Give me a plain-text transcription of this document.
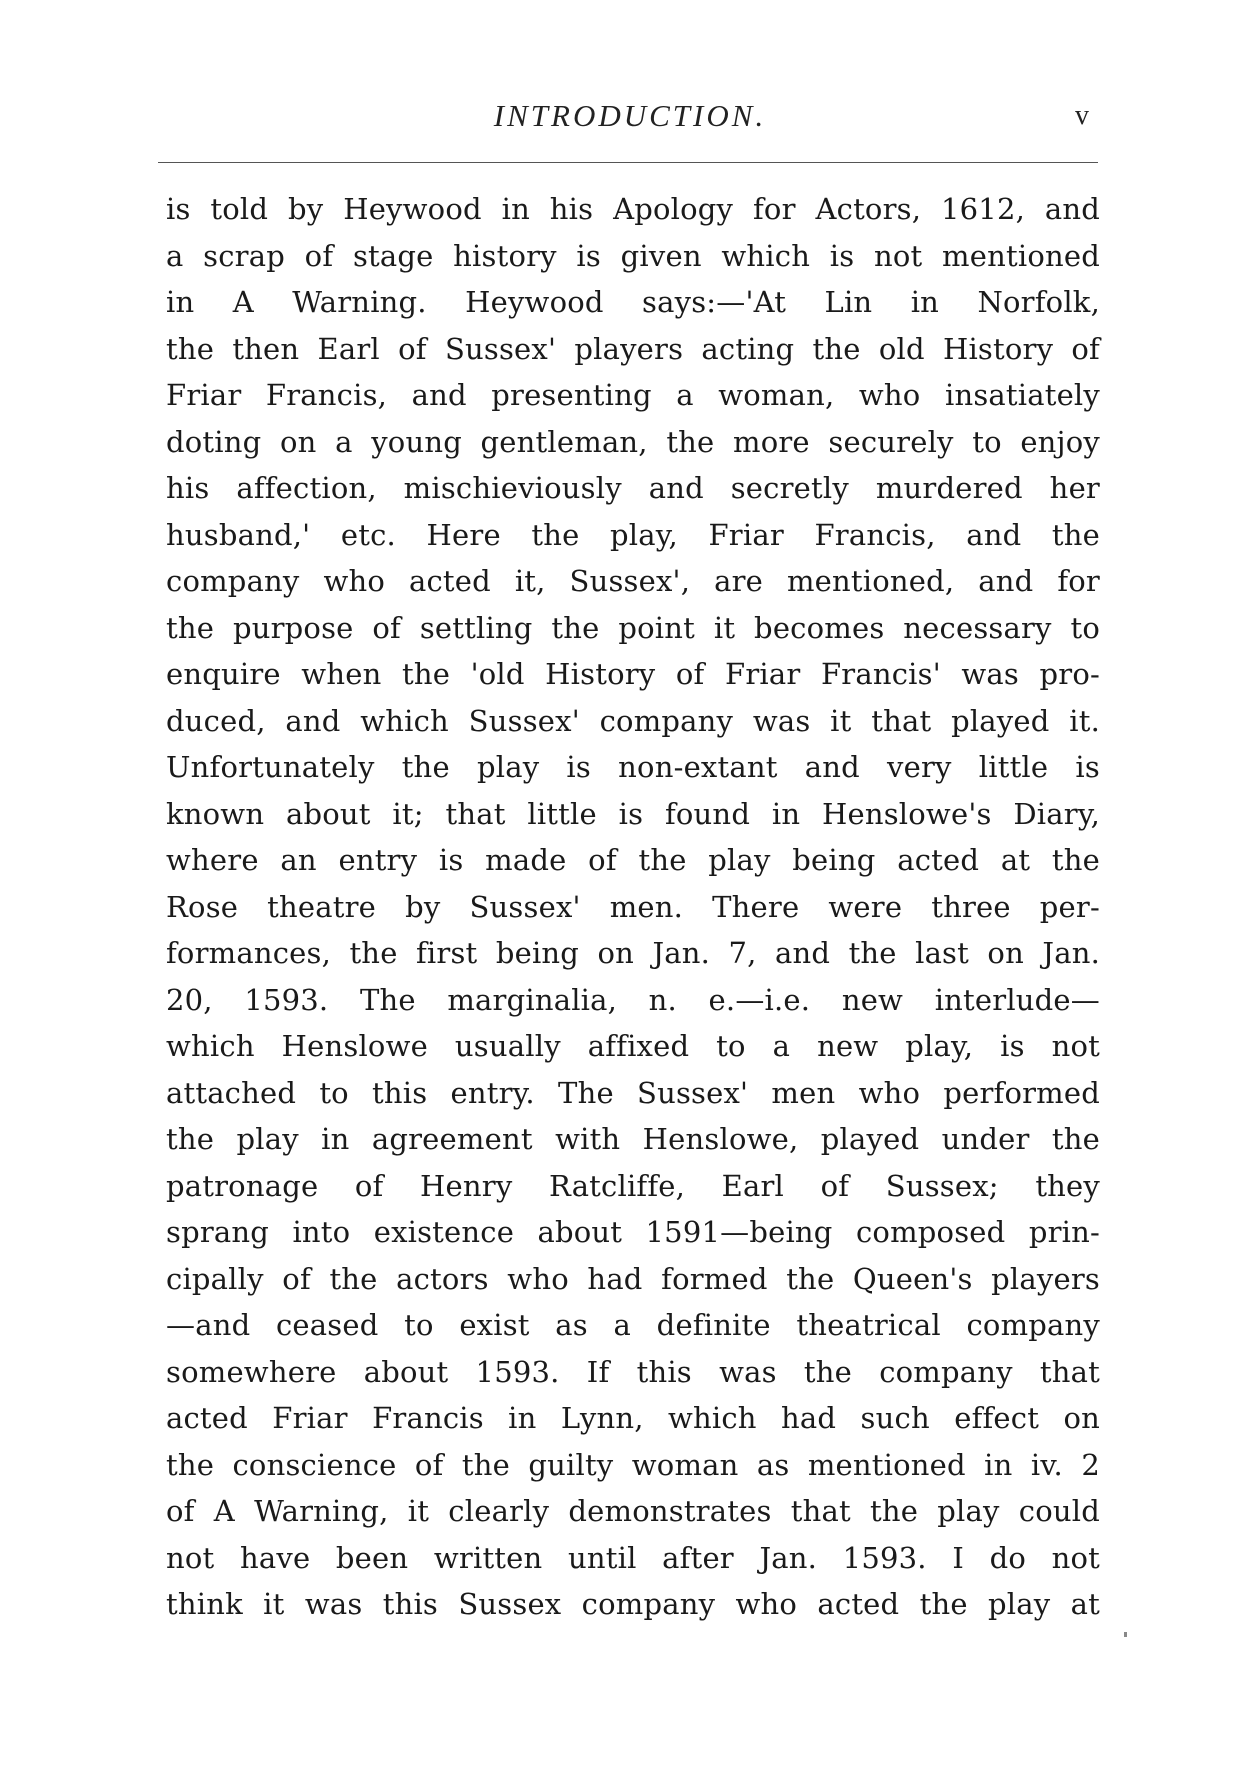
INTRODUCTION.	v
is told by Heywood in his Apology for Actors, 1612, and
a scrap of stage history is given which is not mentioned
in A Warning. Heywood says:—'At Lin in Norfolk,
the then Earl of Sussex' players acting the old History of
Friar Francis, and presenting a woman, who insatiately
doting on a young gentleman, the more securely to enjoy
his affection, mischieviously and secretly murdered her
husband,' etc. Here the play, Friar Francis, and the
company who acted it, Sussex', are mentioned, and for
the purpose of settling the point it becomes necessary to
enquire when the 'old History of Friar Francis' was pro-
duced, and which Sussex' company was it that played it.
Unfortunately the play is non-extant and very little is
known about it; that little is found in Henslowe's Diary,
where an entry is made of the play being acted at the
Rose theatre by Sussex' men. There were three per-
formances, the first being on Jan. 7, and the last on Jan.
20, 1593. The marginalia, n. e.—i.e. new interlude—
which Henslowe usually affixed to a new play, is not
attached to this entry. The Sussex' men who performed
the play in agreement with Henslowe, played under the
patronage of Henry Ratcliffe, Earl of Sussex; they
sprang into existence about 1591—being composed prin-
cipally of the actors who had formed the Queen's players
—and ceased to exist as a definite theatrical company
somewhere about 1593. If this was the company that
acted Friar Francis in Lynn, which had such effect on
the conscience of the guilty woman as mentioned in iv. 2
of A Warning, it clearly demonstrates that the play could
not have been written until after Jan. 1593. I do not
think it was this Sussex company who acted the play at
